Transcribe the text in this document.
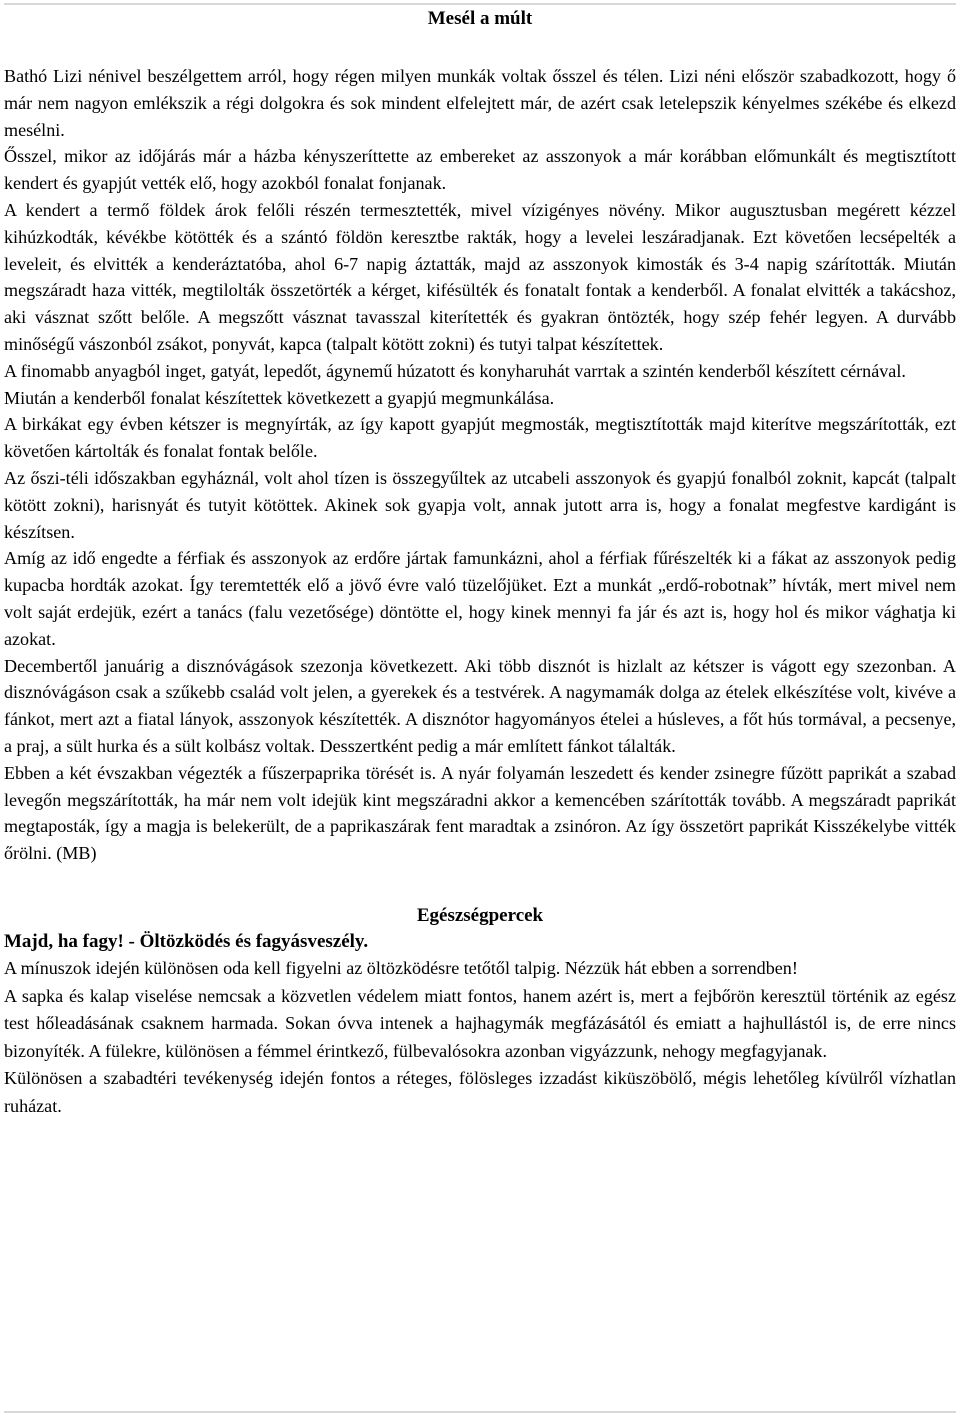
Mesél a múlt

Bathó Lizi nénivel beszélgettem arról, hogy régen milyen munkák voltak ősszel és télen. Lizi néni először szabadkozott, hogy ő már nem nagyon emlékszik a régi dolgokra és sok mindent elfelejtett már, de azért csak letelepszik kényelmes székébe és elkezd mesélni.

Ősszel, mikor az időjárás már a házba kényszeríttette az embereket az asszonyok a már korábban előmunkált és megtisztított kendert és gyapjút vették elő, hogy azokból fonalat fonjanak.

A kendert a termő földek árok felőli részén termesztették, mivel vízigényes növény. Mikor augusztusban megérett kézzel kihúzkodták, kévékbe kötötték és a szántó földön keresztbe rakták, hogy a levelei leszáradjanak. Ezt követően lecsépelték a leveleit, és elvitték a kenderáztatóba, ahol 6-7 napig áztatták, majd az asszonyok kimosták és 3-4 napig szárították. Miután megszáradt haza vitték, megtilolták összetörték a kérget, kifésülték és fonatalt fontak a kenderből. A fonalat elvitték a takácshoz, aki vásznat szőtt belőle. A megszőtt vásznat tavasszal kiterítették és gyakran öntözték, hogy szép fehér legyen. A durvább minőségű vászonból zsákot, ponyvát, kapca (talpalt kötött zokni) és tutyi talpat készítettek.

A finomabb anyagból inget, gatyát, lepedőt, ágynemű húzatott és konyharuhát varrtak a szintén kenderből készített cérnával.

Miután a kenderből fonalat készítettek következett a gyapjú megmunkálása.

A birkákat egy évben kétszer is megnyírták, az így kapott gyapjút megmosták, megtisztították majd kiterítve megszárították, ezt követően kártolták és fonalat fontak belőle.

Az őszi-téli időszakban egyháznál, volt ahol tízen is összegyűltek az utcabeli asszonyok és gyapjú fonalból zoknit, kapcát (talpalt kötött zokni), harisnyát és tutyit kötöttek. Akinek sok gyapja volt, annak jutott arra is, hogy a fonalat megfestve kardigánt is készítsen.

Amíg az idő engedte a férfiak és asszonyok az erdőre jártak famunkázni, ahol a férfiak fűrészelték ki a fákat az asszonyok pedig kupacba hordták azokat. Így teremtették elő a jövő évre való tüzelőjüket. Ezt a munkát „erdő-robotnak” hívták, mert mivel nem volt saját erdejük, ezért a tanács (falu vezetősége) döntötte el, hogy kinek mennyi fa jár és azt is, hogy hol és mikor vághatja ki azokat.

Decembertől januárig a disznóvágások szezonja következett. Aki több disznót is hizlalt az kétszer is vágott egy szezonban. A disznóvágáson csak a szűkebb család volt jelen, a gyerekek és a testvérek. A nagymamák dolga az ételek elkészítése volt, kivéve a fánkot, mert azt a fiatal lányok, asszonyok készítették. A disznótor hagyományos ételei a húsleves, a főt hús tormával, a pecsenye, a praj, a sült hurka és a sült kolbász voltak. Desszertként pedig a már említett fánkot tálalták.

Ebben a két évszakban végezték a fűszerpaprika törését is. A nyár folyamán leszedett és kender zsinegre fűzött paprikát a szabad levegőn megszárították, ha már nem volt idejük kint megszáradni akkor a kemencében szárították tovább. A megszáradt paprikát megtaposták, így a magja is belekerült, de a paprikaszárak fent maradtak a zsinóron. Az így összetört paprikát Kisszékelybe vitték őrölni. (MB)

Egészségpercek
Majd, ha fagy! - Öltözködés és fagyásveszély.

A mínuszok idején különösen oda kell figyelni az öltözködésre tetőtől talpig. Nézzük hát ebben a sorrendben!

A sapka és kalap viselése nemcsak a közvetlen védelem miatt fontos, hanem azért is, mert a fejbőrön keresztül történik az egész test hőleadásának csaknem harmada. Sokan óvva intenek a hajhagymák megfázásától és emiatt a hajhullástól is, de erre nincs bizonyíték. A fülekre, különösen a fémmel érintkező, fülbevalósokra azonban vigyázzunk, nehogy megfagyjanak.

Különösen a szabadtéri tevékenység idején fontos a réteges, fölösleges izzadást kiküszöbölő, mégis lehetőleg kívülről vízhatlan ruházat.
